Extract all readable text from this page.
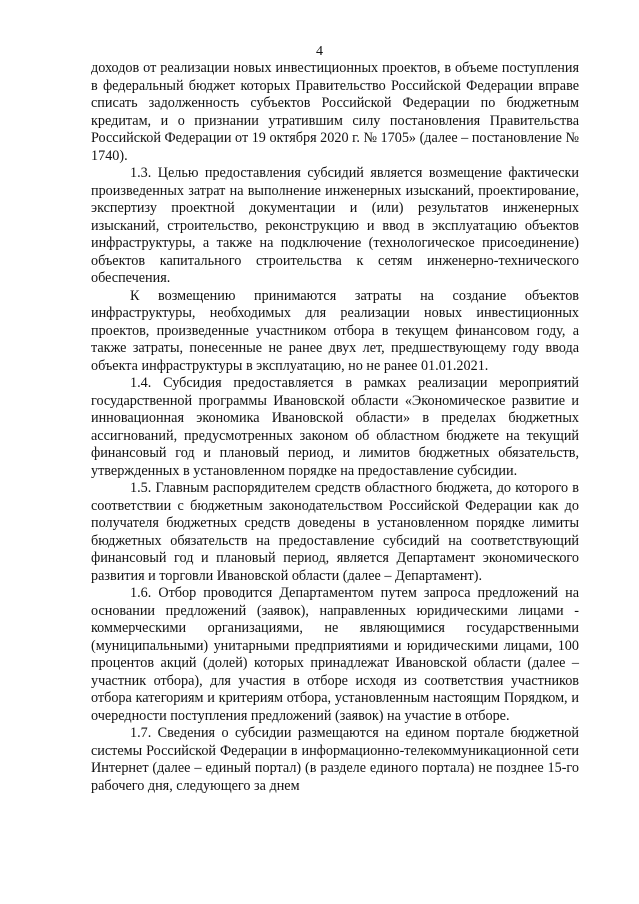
4

доходов от реализации новых инвестиционных проектов, в объеме поступления в федеральный бюджет которых Правительство Российской Федерации вправе списать задолженность субъектов Российской Федерации по бюджетным кредитам, и о признании утратившим силу постановления Правительства Российской Федерации от 19 октября 2020 г. № 1705» (далее – постановление № 1740).

1.3. Целью предоставления субсидий является возмещение фактически произведенных затрат на выполнение инженерных изысканий, проектирование, экспертизу проектной документации и (или) результатов инженерных изысканий, строительство, реконструкцию и ввод в эксплуатацию объектов инфраструктуры, а также на подключение (технологическое присоединение) объектов капитального строительства к сетям инженерно-технического обеспечения.

К возмещению принимаются затраты на создание объектов инфраструктуры, необходимых для реализации новых инвестиционных проектов, произведенные участником отбора в текущем финансовом году, а также затраты, понесенные не ранее двух лет, предшествующему году ввода объекта инфраструктуры в эксплуатацию, но не ранее 01.01.2021.

1.4. Субсидия предоставляется в рамках реализации мероприятий государственной программы Ивановской области «Экономическое развитие и инновационная экономика Ивановской области» в пределах бюджетных ассигнований, предусмотренных законом об областном бюджете на текущий финансовый год и плановый период, и лимитов бюджетных обязательств, утвержденных в установленном порядке на предоставление субсидии.

1.5. Главным распорядителем средств областного бюджета, до которого в соответствии с бюджетным законодательством Российской Федерации как до получателя бюджетных средств доведены в установленном порядке лимиты бюджетных обязательств на предоставление субсидий на соответствующий финансовый год и плановый период, является Департамент экономического развития и торговли Ивановской области (далее – Департамент).

1.6. Отбор проводится Департаментом путем запроса предложений на основании предложений (заявок), направленных юридическими лицами - коммерческими организациями, не являющимися государственными (муниципальными) унитарными предприятиями и юридическими лицами, 100 процентов акций (долей) которых принадлежат Ивановской области (далее – участник отбора), для участия в отборе исходя из соответствия участников отбора категориям и критериям отбора, установленным настоящим Порядком, и очередности поступления предложений (заявок) на участие в отборе.

1.7. Сведения о субсидии размещаются на едином портале бюджетной системы Российской Федерации в информационно-телекоммуникационной сети Интернет (далее – единый портал) (в разделе единого портала) не позднее 15-го рабочего дня, следующего за днем
